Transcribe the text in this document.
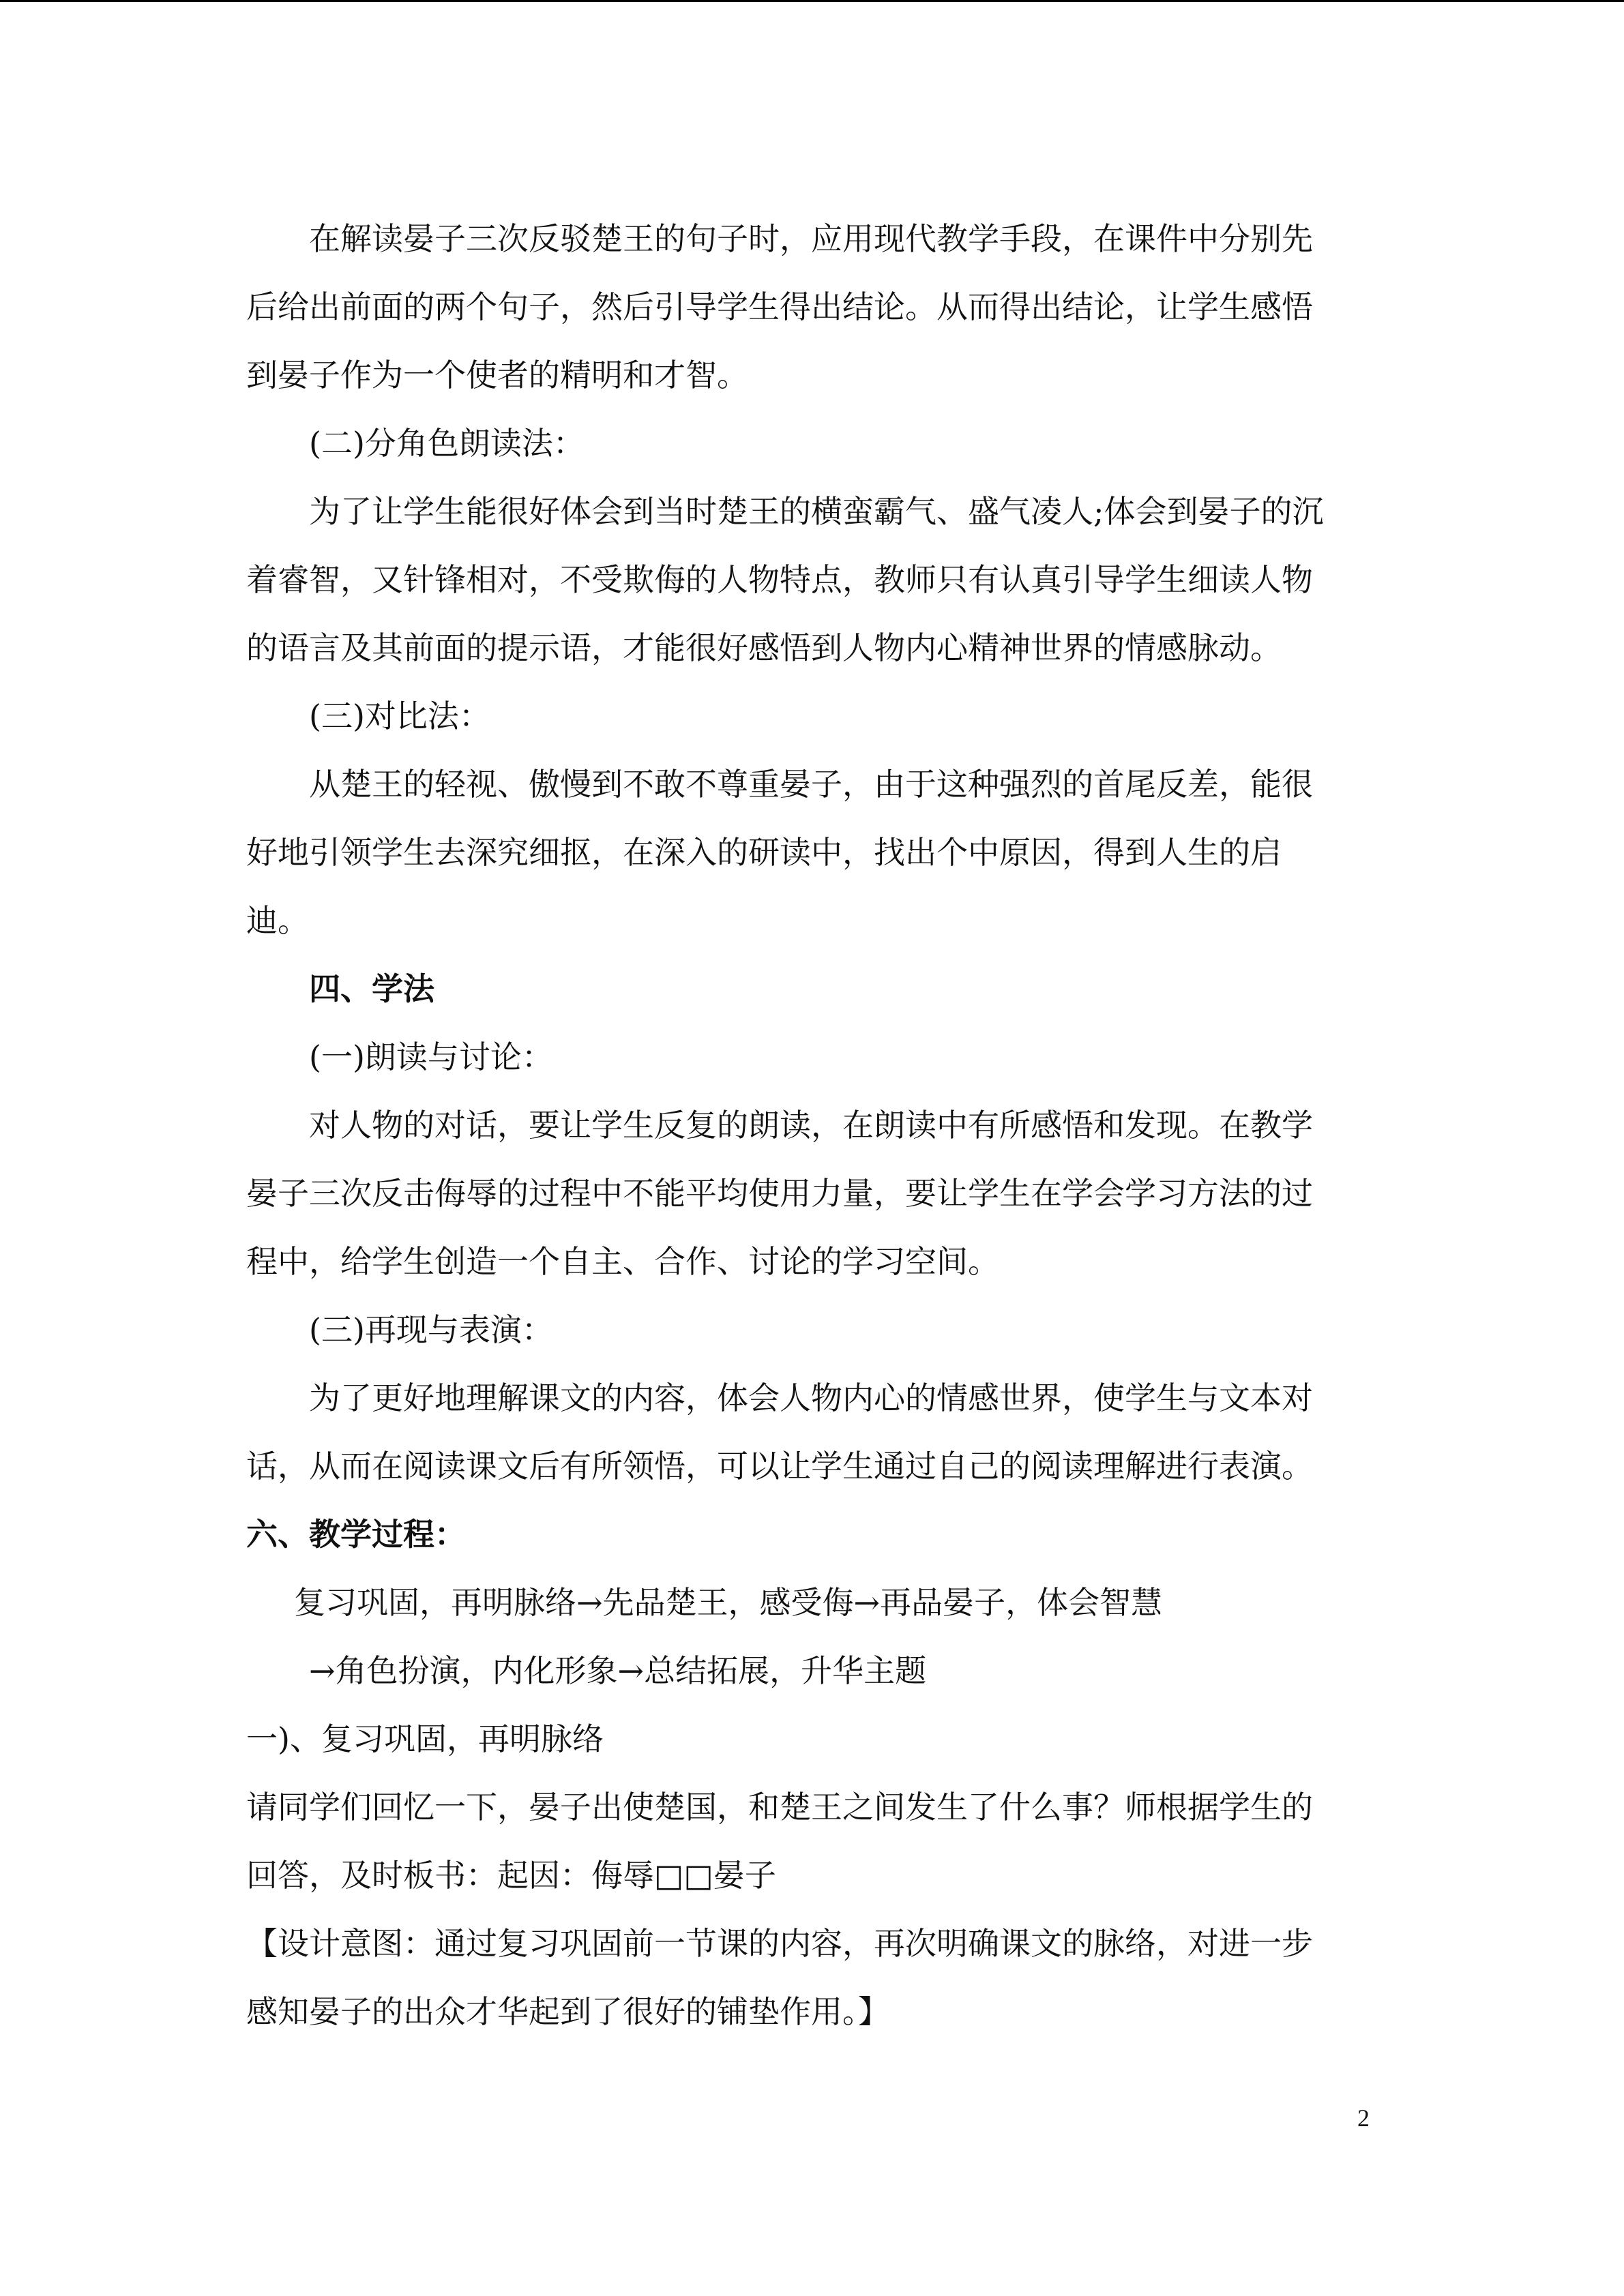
在解读晏子三次反驳楚王的句子时，应用现代教学手段，在课件中分别先
后给出前面的两个句子，然后引导学生得出结论。从而得出结论，让学生感悟
到晏子作为一个使者的精明和才智。
(二)分角色朗读法：
为了让学生能很好体会到当时楚王的横蛮霸气、盛气凌人;体会到晏子的沉
着睿智，又针锋相对，不受欺侮的人物特点，教师只有认真引导学生细读人物
的语言及其前面的提示语，才能很好感悟到人物内心精神世界的情感脉动。
(三)对比法：
从楚王的轻视、傲慢到不敢不尊重晏子，由于这种强烈的首尾反差，能很
好地引领学生去深究细抠，在深入的研读中，找出个中原因，得到人生的启
迪。
四、学法
(一)朗读与讨论：
对人物的对话，要让学生反复的朗读，在朗读中有所感悟和发现。在教学
晏子三次反击侮辱的过程中不能平均使用力量，要让学生在学会学习方法的过
程中，给学生创造一个自主、合作、讨论的学习空间。
(三)再现与表演：
为了更好地理解课文的内容，体会人物内心的情感世界，使学生与文本对
话，从而在阅读课文后有所领悟，可以让学生通过自己的阅读理解进行表演。
六、教学过程：
复习巩固，再明脉络→先品楚王，感受侮→再品晏子，体会智慧
→角色扮演，内化形象→总结拓展，升华主题
一)、复习巩固，再明脉络
请同学们回忆一下，晏子出使楚国，和楚王之间发生了什么事？师根据学生的
回答，及时板书：起因：侮辱□□晏子
【设计意图：通过复习巩固前一节课的内容，再次明确课文的脉络，对进一步
感知晏子的出众才华起到了很好的铺垫作用。】
2
